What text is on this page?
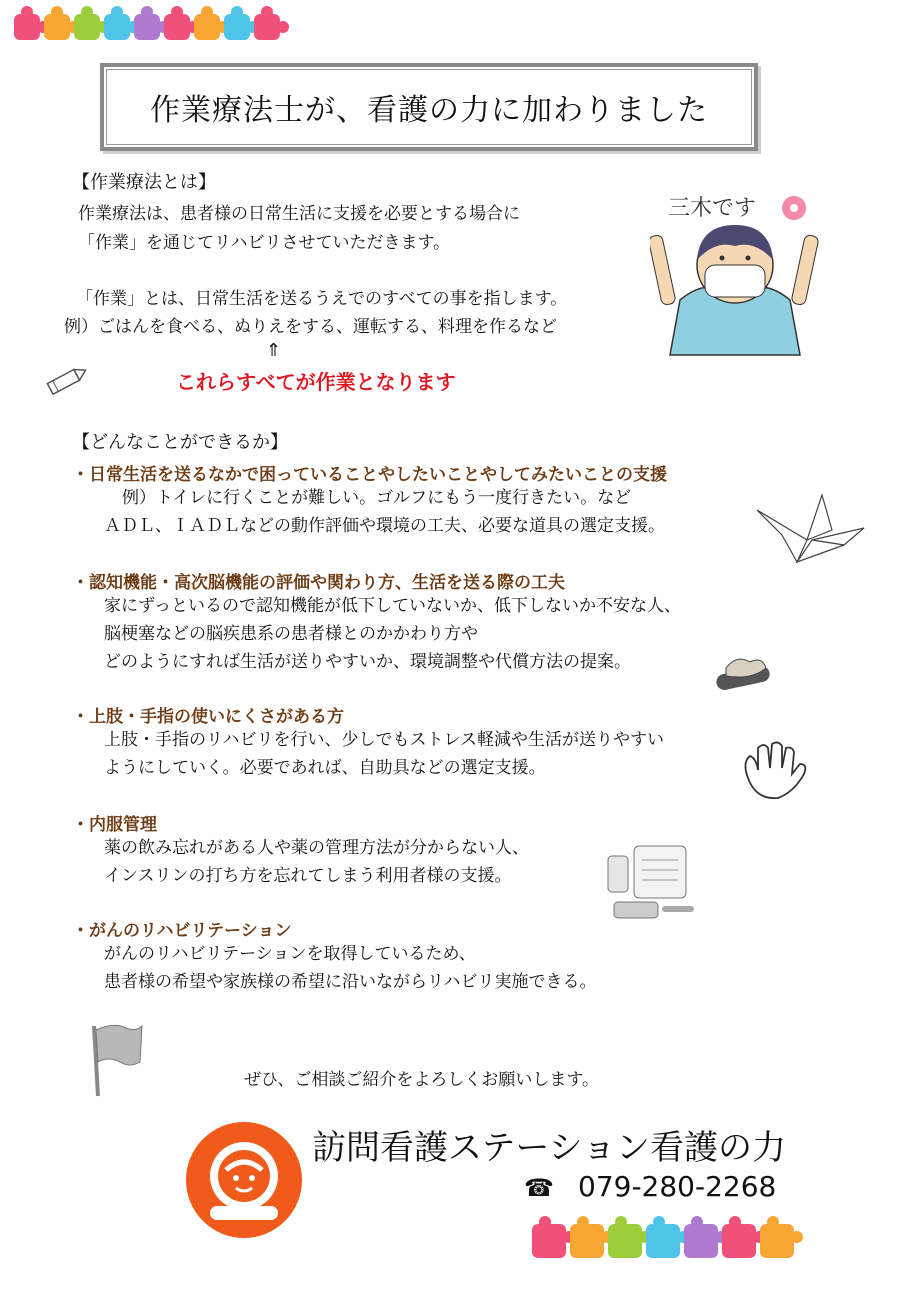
作業療法士が、看護の力に加わりました
【作業療法とは】
作業療法は、患者様の日常生活に支援を必要とする場合に
「作業」を通じてリハビリさせていただきます。
「作業」とは、日常生活を送るうえでのすべての事を指します。
例）ごはんを食べる、ぬりえをする、運転する、料理を作るなど
⇑
これらすべてが作業となります
三木です
【どんなことができるか】
・日常生活を送るなかで困っていることやしたいことやしてみたいことの支援
例）トイレに行くことが難しい。ゴルフにもう一度行きたい。など
ＡＤＬ、ＩＡＤＬなどの動作評価や環境の工夫、必要な道具の選定支援。
・認知機能・高次脳機能の評価や関わり方、生活を送る際の工夫
家にずっといるので認知機能が低下していないか、低下しないか不安な人、
脳梗塞などの脳疾患系の患者様とのかかわり方や
どのようにすれば生活が送りやすいか、環境調整や代償方法の提案。
・上肢・手指の使いにくさがある方
上肢・手指のリハビリを行い、少しでもストレス軽減や生活が送りやすい
ようにしていく。必要であれば、自助具などの選定支援。
・内服管理
薬の飲み忘れがある人や薬の管理方法が分からない人、
インスリンの打ち方を忘れてしまう利用者様の支援。
・がんのリハビリテーション
がんのリハビリテーションを取得しているため、
患者様の希望や家族様の希望に沿いながらリハビリ実施できる。
ぜひ、ご相談ご紹介をよろしくお願いします。
訪問看護ステーション看護の力
☎ 079-280-2268
